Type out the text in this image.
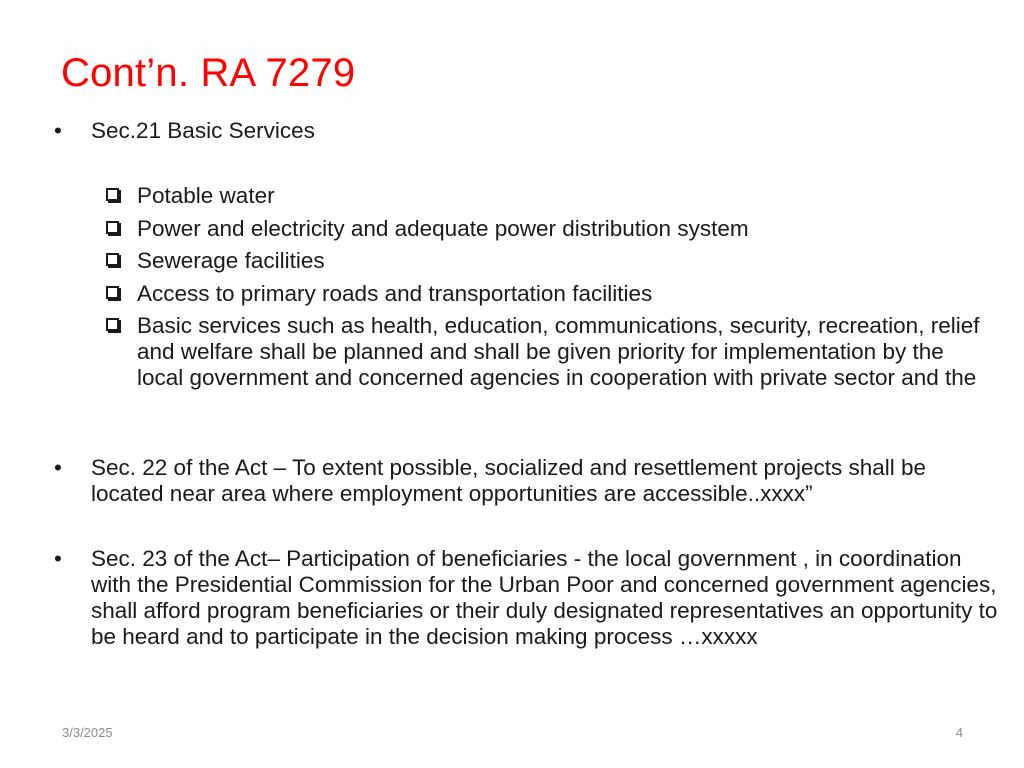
Cont’n. RA 7279
• Sec.21 Basic Services
Potable water
Power and electricity and adequate power distribution system
Sewerage facilities
Access to primary roads and transportation facilities
Basic services such as health, education, communications, security, recreation, relief and welfare shall be planned and shall be given priority for implementation by the local government and concerned agencies in cooperation with private sector and the
• Sec. 22 of the Act – To extent possible, socialized and resettlement projects shall be located near area where employment opportunities are accessible..xxxx”
• Sec. 23 of the Act– Participation of beneficiaries - the local government , in coordination with the Presidential Commission for the Urban Poor and concerned government agencies, shall afford program beneficiaries or their duly designated representatives an opportunity to be heard and to participate in the decision making process …xxxxx
3/3/2025	4
